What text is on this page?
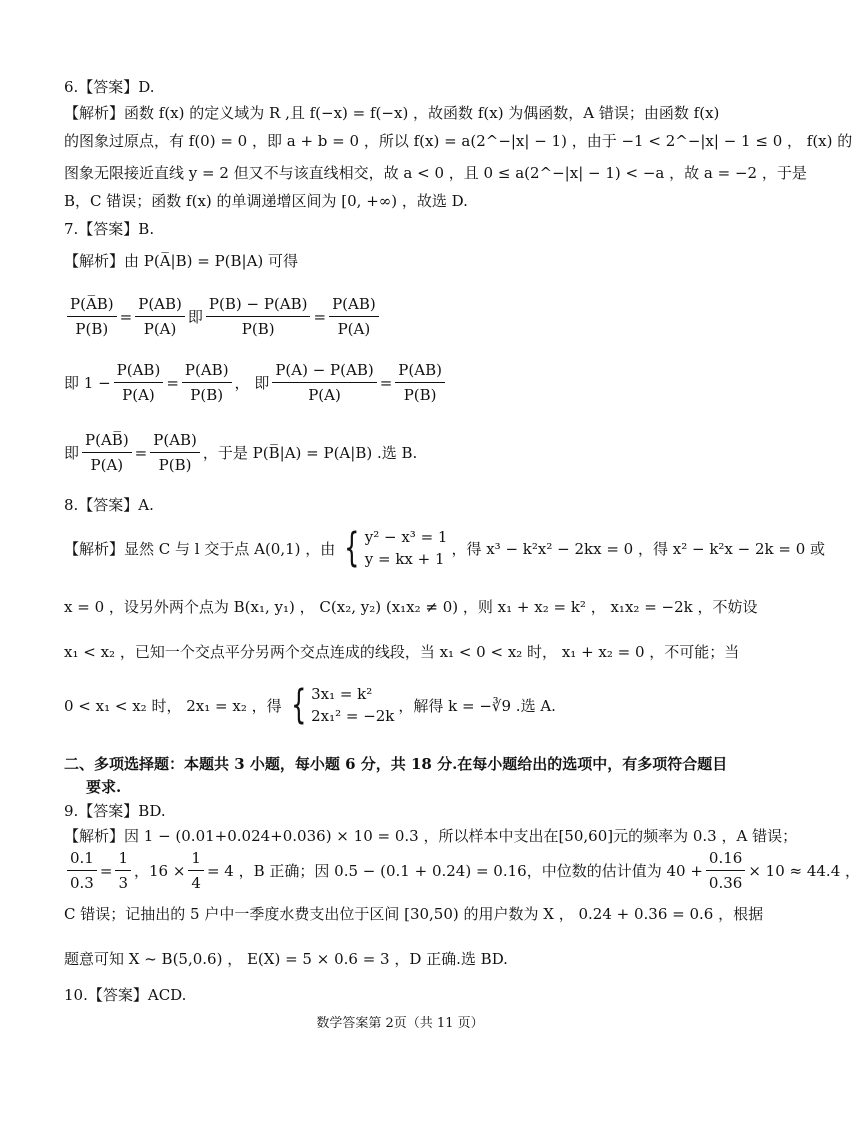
6.【答案】D.
【解析】函数 f(x) 的定义域为 R ,且 f(−x) = f(−x) ，故函数 f(x) 为偶函数，A 错误；由函数 f(x)
的图象过原点，有 f(0) = 0 ，即 a + b = 0 ，所以 f(x) = a(2^−|x| − 1) ，由于 −1 < 2^−|x| − 1 ≤ 0 ， f(x) 的
图象无限接近直线 y = 2 但又不与该直线相交，故 a < 0 ，且 0 ≤ a(2^−|x| − 1) < −a ，故 a = −2 ，于是
B，C 错误；函数 f(x) 的单调递增区间为 [0, +∞) ，故选 D.
7.【答案】B.
【解析】由 P(A̅|B) = P(B|A) 可得
$\frac{P(A̅B)}{P(B)} = \frac{P(AB)}{P(A)}$ 即 $\frac{P(B) - P(AB)}{P(B)} = \frac{P(AB)}{P(A)}$
即 $1 - \frac{P(AB)}{P(A)} = \frac{P(AB)}{P(B)}$ ， 即 $\frac{P(A) - P(AB)}{P(A)} = \frac{P(AB)}{P(B)}$
即 $\frac{P(AB̅)}{P(A)} = \frac{P(AB)}{P(B)}$ ，于是 P(B̅|A) = P(A|B) .选 B.
8.【答案】A.
【解析】显然 C 与 l 交于点 A(0,1) ，由 { y² − x³ = 1
y = kx + 1
，得 x³ − k²x² − 2kx = 0 ，得 x² − k²x − 2k = 0 或
x = 0 ，设另外两个点为 B(x₁, y₁) ， C(x₂, y₂) (x₁x₂ ≠ 0) ，则 x₁ + x₂ = k² ， x₁x₂ = −2k ，不妨设
x₁ < x₂ ，已知一个交点平分另两个交点连成的线段，当 x₁ < 0 < x₂ 时， x₁ + x₂ = 0 ，不可能；当
0 < x₁ < x₂ 时， 2x₁ = x₂ ，得 { 3x₁ = k²
2x₁² = −2k
，解得 k = −∛9 .选 A.
二、多项选择题：本题共 3 小题，每小题 6 分，共 18 分.在每小题给出的选项中，有多项符合题目
要求.
9.【答案】BD.
【解析】因 1 − (0.01+0.024+0.036) × 10 = 0.3 ，所以样本中支出在[50,60]元的频率为 0.3 ，A 错误；
$\frac{0.1}{0.3} = \frac{1}{3}$ ，$16 \times \frac{1}{4} = 4$ ，B 正确；因 0.5 − (0.1 + 0.24) = 0.16，中位数的估计值为 $40 + \frac{0.16}{0.36} \times 10 \approx 44.4$ ，
C 错误；记抽出的 5 户中一季度水费支出位于区间 [30,50) 的用户数为 X ， 0.24 + 0.36 = 0.6 ，根据
题意可知 X ~ B(5,0.6) ， E(X) = 5 × 0.6 = 3 ，D 正确.选 BD.
10.【答案】ACD.
数学答案第 2页（共 11 页）
